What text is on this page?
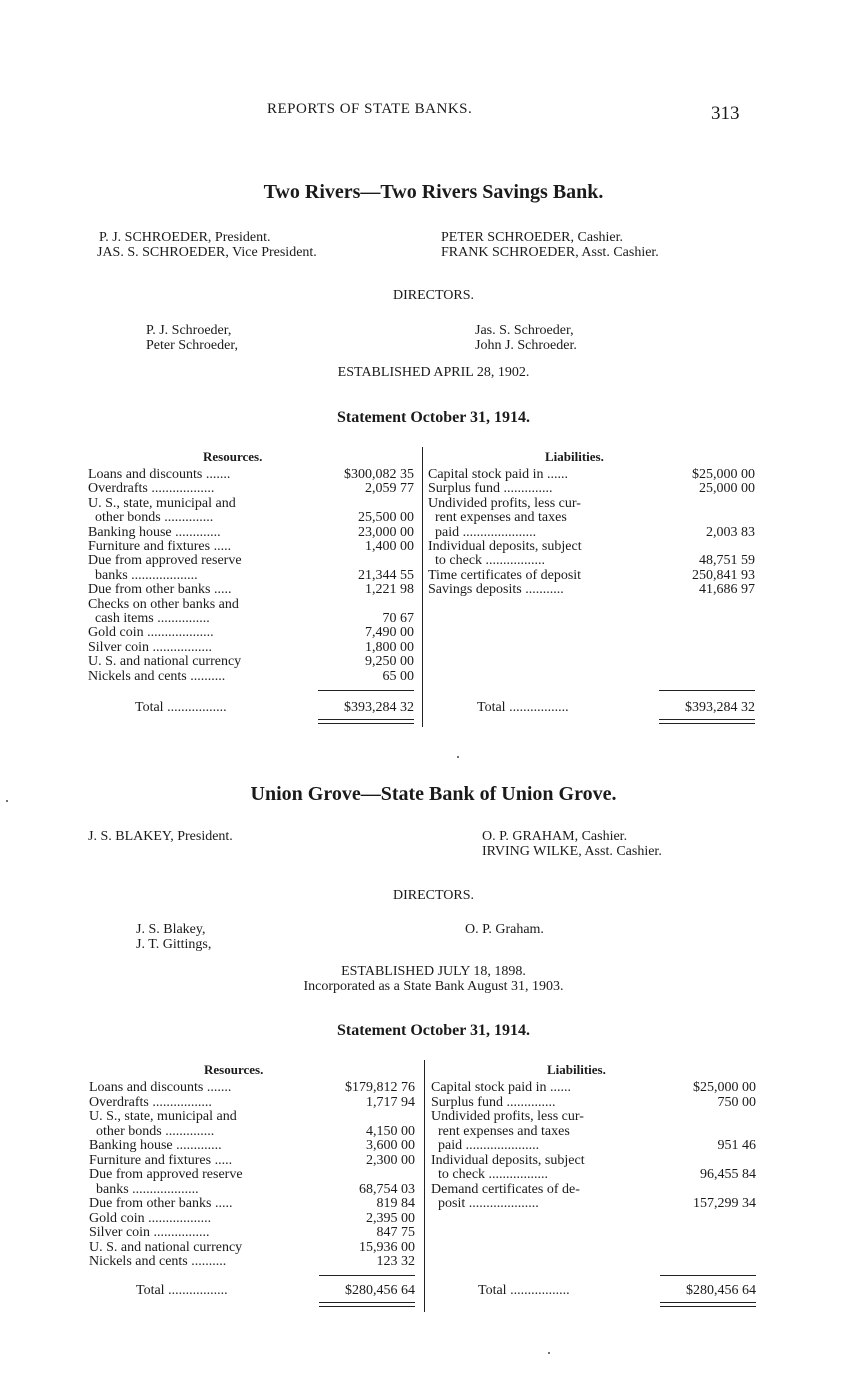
REPORTS OF STATE BANKS.	313
Two Rivers—Two Rivers Savings Bank.
P. J. SCHROEDER, President.
JAS. S. SCHROEDER, Vice President.
PETER SCHROEDER, Cashier.
FRANK SCHROEDER, Asst. Cashier.
DIRECTORS.
P. J. Schroeder,
Peter Schroeder,
Jas. S. Schroeder,
John J. Schroeder.
ESTABLISHED APRIL 28, 1902.
Statement October 31, 1914.
Resources.	Liabilities.
Loans and discounts .......	$300,082 35
Overdrafts ..................	2,059 77
U. S., state, municipal and
other bonds ..............	25,500 00
Banking house .............	23,000 00
Furniture and fixtures .....	1,400 00
Due from approved reserve
banks ...................	21,344 55
Due from other banks .....	1,221 98
Checks on other banks and
cash items ...............	70 67
Gold coin ...................	7,490 00
Silver coin .................	1,800 00
U. S. and national currency	9,250 00
Nickels and cents ..........	65 00
Capital stock paid in ......	$25,000 00
Surplus fund ..............	25,000 00
Undivided profits, less cur-
rent expenses and taxes
paid .....................	2,003 83
Individual deposits, subject
to check .................	48,751 59
Time certificates of deposit	250,841 93
Savings deposits ...........	41,686 97
Total .................	$393,284 32	Total .................	$393,284 32
Union Grove—State Bank of Union Grove.
J. S. BLAKEY, President.	O. P. GRAHAM, Cashier.
IRVING WILKE, Asst. Cashier.
DIRECTORS.
J. S. Blakey,
J. T. Gittings,
O. P. Graham.
ESTABLISHED JULY 18, 1898.
Incorporated as a State Bank August 31, 1903.
Statement October 31, 1914.
Resources.	Liabilities.
Loans and discounts .......	$179,812 76
Overdrafts .................	1,717 94
U. S., state, municipal and
other bonds ..............	4,150 00
Banking house .............	3,600 00
Furniture and fixtures .....	2,300 00
Due from approved reserve
banks ...................	68,754 03
Due from other banks .....	819 84
Gold coin ..................	2,395 00
Silver coin ................	847 75
U. S. and national currency	15,936 00
Nickels and cents ..........	123 32
Capital stock paid in ......	$25,000 00
Surplus fund ..............	750 00
Undivided profits, less cur-
rent expenses and taxes
paid .....................	951 46
Individual deposits, subject
to check .................	96,455 84
Demand certificates of de-
posit ....................	157,299 34
Total .................	$280,456 64	Total .................	$280,456 64
